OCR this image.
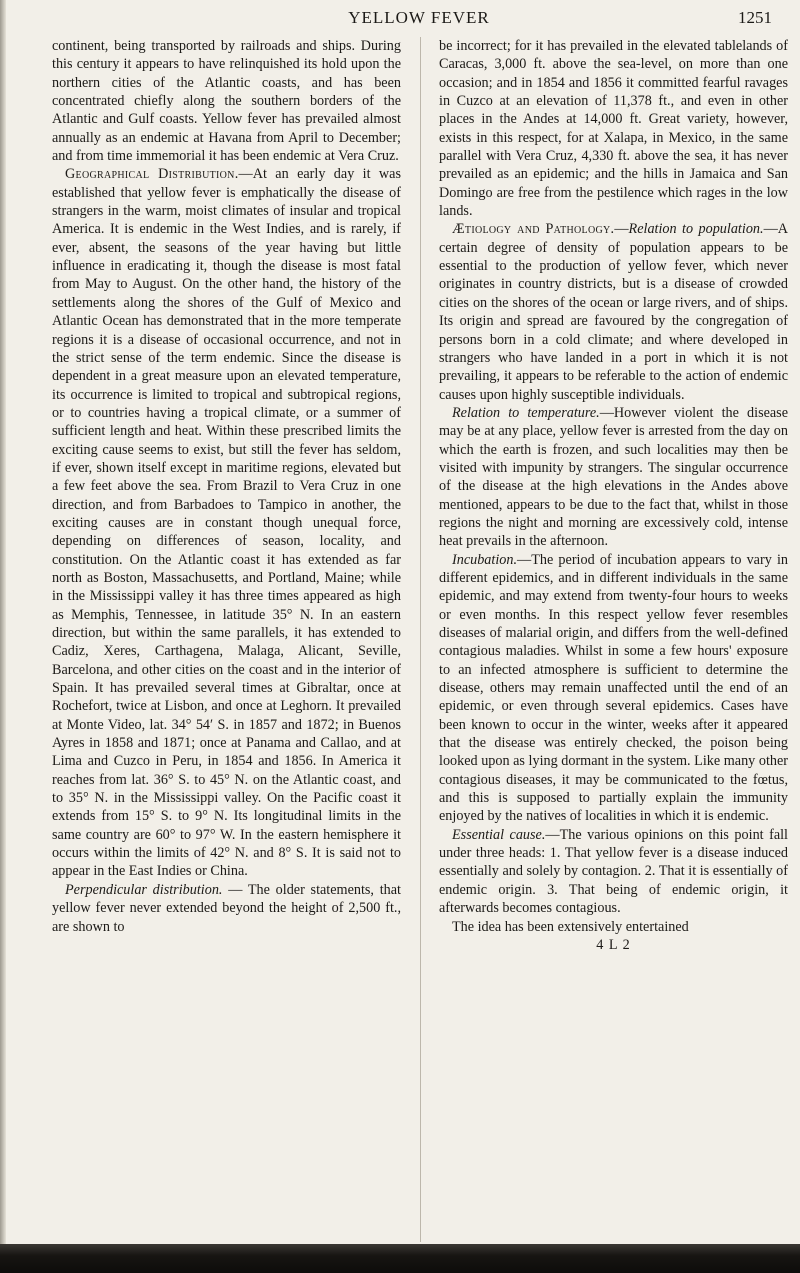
YELLOW FEVER	1251

continent, being transported by railroads and ships. During this century it appears to have relinquished its hold upon the northern cities of the Atlantic coasts, and has been concentrated chiefly along the southern borders of the Atlantic and Gulf coasts. Yellow fever has prevailed almost annually as an endemic at Havana from April to December; and from time immemorial it has been endemic at Vera Cruz.

Geographical Distribution.—At an early day it was established that yellow fever is emphatically the disease of strangers in the warm, moist climates of insular and tropical America. It is endemic in the West Indies, and is rarely, if ever, absent, the seasons of the year having but little influence in eradicating it, though the disease is most fatal from May to August. On the other hand, the history of the settlements along the shores of the Gulf of Mexico and Atlantic Ocean has demonstrated that in the more temperate regions it is a disease of occasional occurrence, and not in the strict sense of the term endemic. Since the disease is dependent in a great measure upon an elevated temperature, its occurrence is limited to tropical and subtropical regions, or to countries having a tropical climate, or a summer of sufficient length and heat. Within these prescribed limits the exciting cause seems to exist, but still the fever has seldom, if ever, shown itself except in maritime regions, elevated but a few feet above the sea. From Brazil to Vera Cruz in one direction, and from Barbadoes to Tampico in another, the exciting causes are in constant though unequal force, depending on differences of season, locality, and constitution. On the Atlantic coast it has extended as far north as Boston, Massachusetts, and Portland, Maine; while in the Mississippi valley it has three times appeared as high as Memphis, Tennessee, in latitude 35° N. In an eastern direction, but within the same parallels, it has extended to Cadiz, Xeres, Carthagena, Malaga, Alicant, Seville, Barcelona, and other cities on the coast and in the interior of Spain. It has prevailed several times at Gibraltar, once at Rochefort, twice at Lisbon, and once at Leghorn. It prevailed at Monte Video, lat. 34° 54′ S. in 1857 and 1872; in Buenos Ayres in 1858 and 1871; once at Panama and Callao, and at Lima and Cuzco in Peru, in 1854 and 1856. In America it reaches from lat. 36° S. to 45° N. on the Atlantic coast, and to 35° N. in the Mississippi valley. On the Pacific coast it extends from 15° S. to 9° N. Its longitudinal limits in the same country are 60° to 97° W. In the eastern hemisphere it occurs within the limits of 42° N. and 8° S. It is said not to appear in the East Indies or China.

Perpendicular distribution. — The older statements, that yellow fever never extended beyond the height of 2,500 ft., are shown to

be incorrect; for it has prevailed in the elevated tablelands of Caracas, 3,000 ft. above the sea-level, on more than one occasion; and in 1854 and 1856 it committed fearful ravages in Cuzco at an elevation of 11,378 ft., and even in other places in the Andes at 14,000 ft. Great variety, however, exists in this respect, for at Xalapa, in Mexico, in the same parallel with Vera Cruz, 4,330 ft. above the sea, it has never prevailed as an epidemic; and the hills in Jamaica and San Domingo are free from the pestilence which rages in the low lands.

Ætiology and Pathology.—Relation to population.—A certain degree of density of population appears to be essential to the production of yellow fever, which never originates in country districts, but is a disease of crowded cities on the shores of the ocean or large rivers, and of ships. Its origin and spread are favoured by the congregation of persons born in a cold climate; and where developed in strangers who have landed in a port in which it is not prevailing, it appears to be referable to the action of endemic causes upon highly susceptible individuals.

Relation to temperature.—However violent the disease may be at any place, yellow fever is arrested from the day on which the earth is frozen, and such localities may then be visited with impunity by strangers. The singular occurrence of the disease at the high elevations in the Andes above mentioned, appears to be due to the fact that, whilst in those regions the night and morning are excessively cold, intense heat prevails in the afternoon.

Incubation.—The period of incubation appears to vary in different epidemics, and in different individuals in the same epidemic, and may extend from twenty-four hours to weeks or even months. In this respect yellow fever resembles diseases of malarial origin, and differs from the well-defined contagious maladies. Whilst in some a few hours' exposure to an infected atmosphere is sufficient to determine the disease, others may remain unaffected until the end of an epidemic, or even through several epidemics. Cases have been known to occur in the winter, weeks after it appeared that the disease was entirely checked, the poison being looked upon as lying dormant in the system. Like many other contagious diseases, it may be communicated to the fœtus, and this is supposed to partially explain the immunity enjoyed by the natives of localities in which it is endemic.

Essential cause.—The various opinions on this point fall under three heads: 1. That yellow fever is a disease induced essentially and solely by contagion. 2. That it is essentially of endemic origin. 3. That being of endemic origin, it afterwards becomes contagious.

The idea has been extensively entertained

4 L 2
